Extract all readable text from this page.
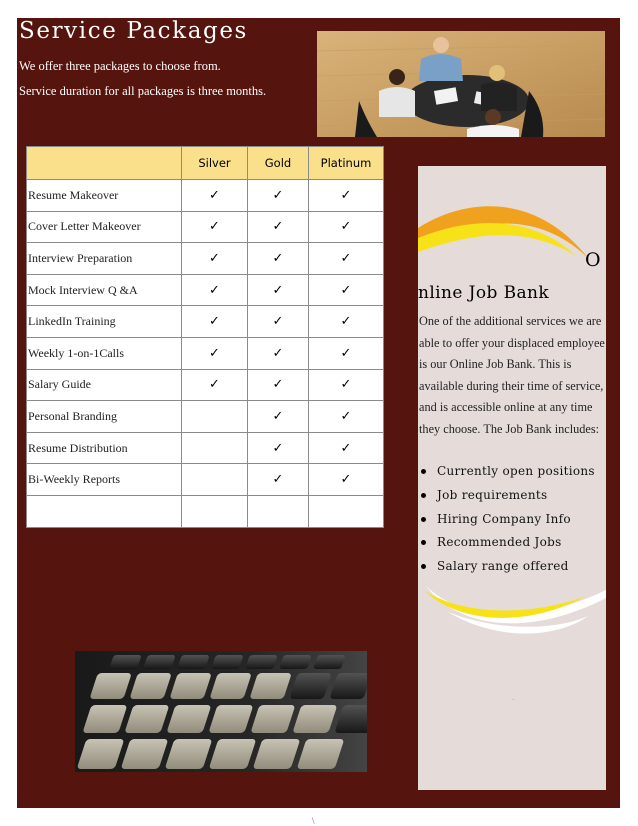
Service Packages
We offer three packages to choose from.
Service duration for all packages is three months.
	Silver	Gold	Platinum
Resume Makeover	✓	✓	✓
Cover Letter Makeover	✓	✓	✓
Interview Preparation	✓	✓	✓
Mock Interview Q &A	✓	✓	✓
LinkedIn Training	✓	✓	✓
Weekly 1-on-1Calls	✓	✓	✓
Salary Guide	✓	✓	✓
Personal Branding		✓	✓
Resume Distribution		✓	✓
Bi-Weekly Reports		✓	✓

O
nline Job Bank
One of the additional services we are
able to offer your displaced employee
is our Online Job Bank. This is
available during their time of service,
and is accessible online at any time
they choose. The Job Bank includes:
Currently open positions
Job requirements
Hiring Company Info
Recommended Jobs
Salary range offered
.
\
